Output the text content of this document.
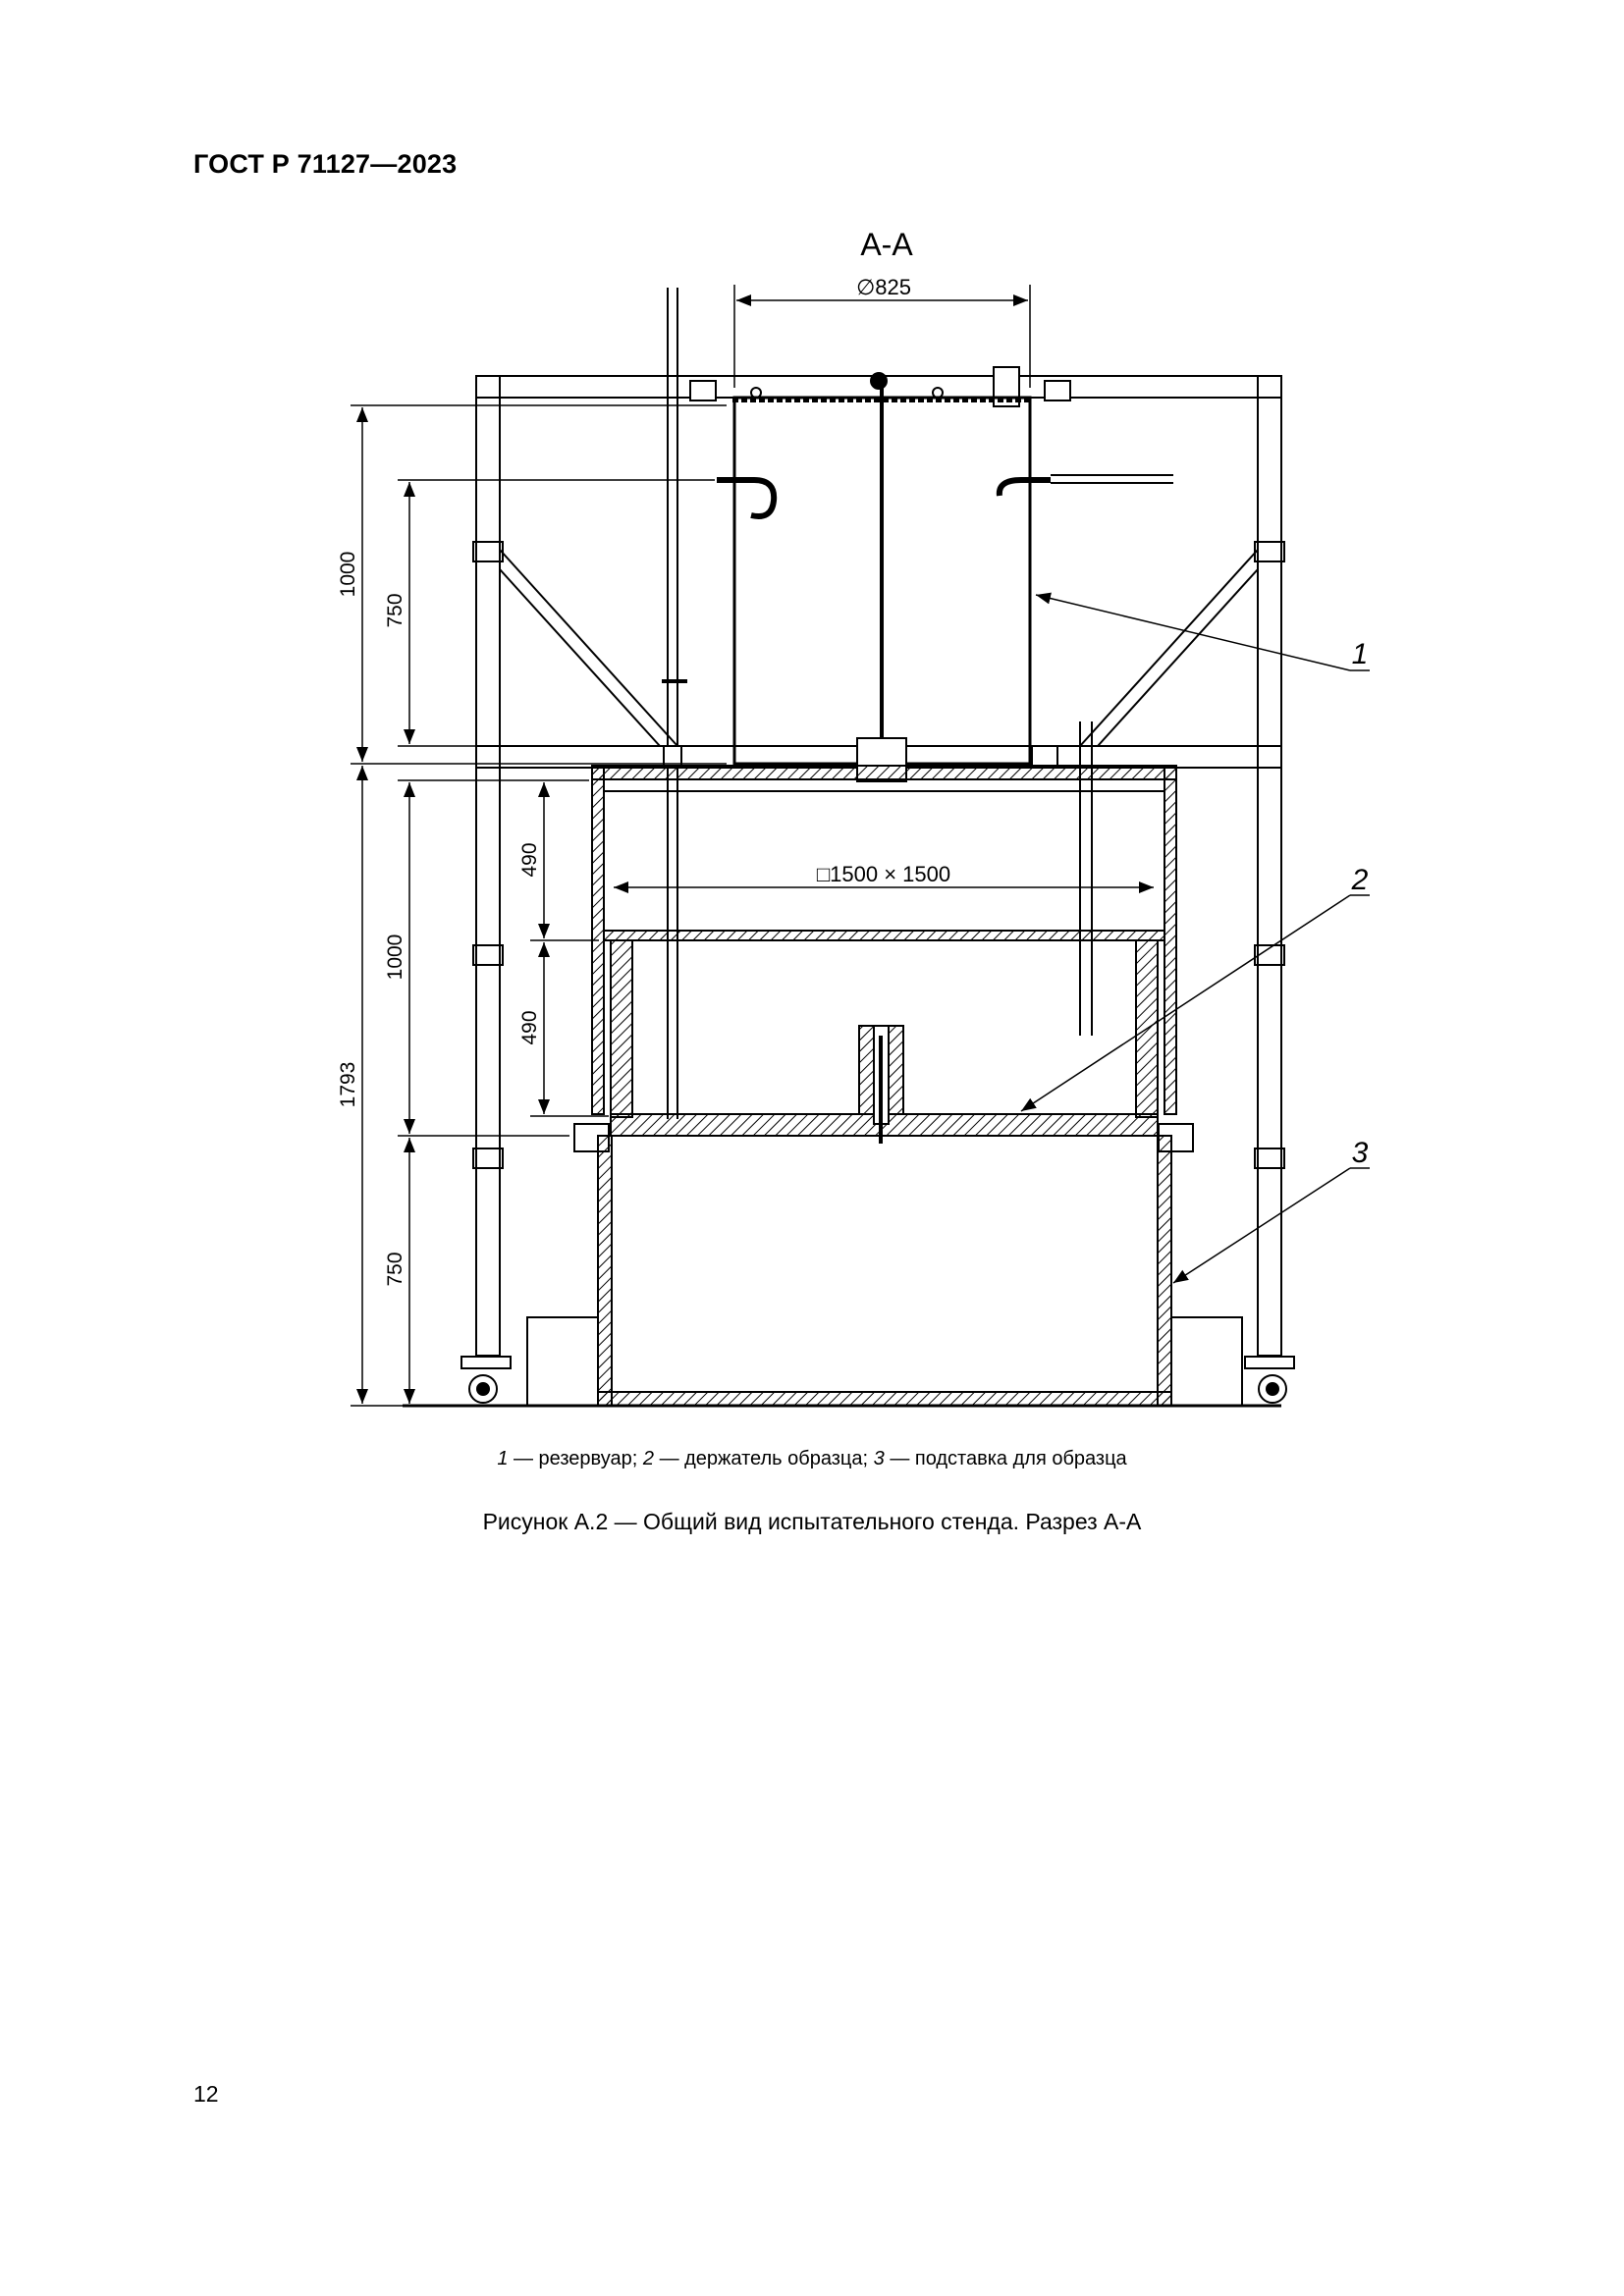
ГОСТ Р 71127—2023
А-А
∅825
□1500 × 1500
1000
1793
750
1000
750
490
490
1
2
3
1 — резервуар; 2 — держатель образца; 3 — подставка для образца
Рисунок А.2 — Общий вид испытательного стенда. Разрез А-А
12
